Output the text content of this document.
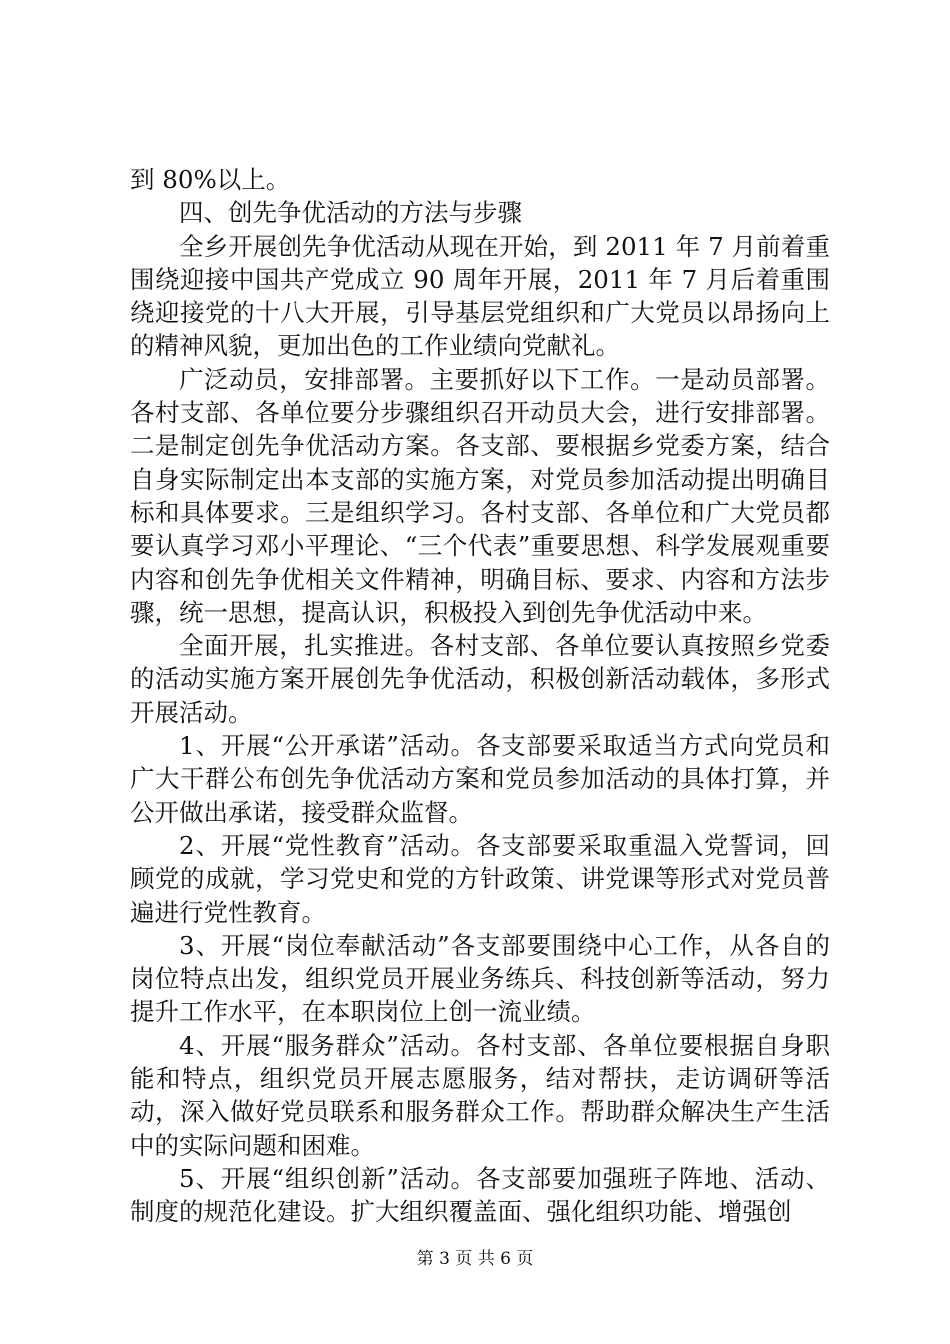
到 80%以上。

四、创先争优活动的方法与步骤

全乡开展创先争优活动从现在开始，到 2011 年 7 月前着重围绕迎接中国共产党成立 90 周年开展，2011 年 7 月后着重围绕迎接党的十八大开展，引导基层党组织和广大党员以昂扬向上的精神风貌，更加出色的工作业绩向党献礼。

广泛动员，安排部署。主要抓好以下工作。一是动员部署。各村支部、各单位要分步骤组织召开动员大会，进行安排部署。二是制定创先争优活动方案。各支部、要根据乡党委方案，结合自身实际制定出本支部的实施方案，对党员参加活动提出明确目标和具体要求。三是组织学习。各村支部、各单位和广大党员都要认真学习邓小平理论、“三个代表”重要思想、科学发展观重要内容和创先争优相关文件精神，明确目标、要求、内容和方法步骤，统一思想，提高认识，积极投入到创先争优活动中来。

全面开展，扎实推进。各村支部、各单位要认真按照乡党委的活动实施方案开展创先争优活动，积极创新活动载体，多形式开展活动。

1、开展“公开承诺”活动。各支部要采取适当方式向党员和广大干群公布创先争优活动方案和党员参加活动的具体打算，并公开做出承诺，接受群众监督。

2、开展“党性教育”活动。各支部要采取重温入党誓词，回顾党的成就，学习党史和党的方针政策、讲党课等形式对党员普遍进行党性教育。

3、开展“岗位奉献活动”各支部要围绕中心工作，从各自的岗位特点出发，组织党员开展业务练兵、科技创新等活动，努力提升工作水平，在本职岗位上创一流业绩。

4、开展“服务群众”活动。各村支部、各单位要根据自身职能和特点，组织党员开展志愿服务，结对帮扶，走访调研等活动，深入做好党员联系和服务群众工作。帮助群众解决生产生活中的实际问题和困难。

5、开展“组织创新”活动。各支部要加强班子阵地、活动、制度的规范化建设。扩大组织覆盖面、强化组织功能、增强创

第 3 页 共 6 页
